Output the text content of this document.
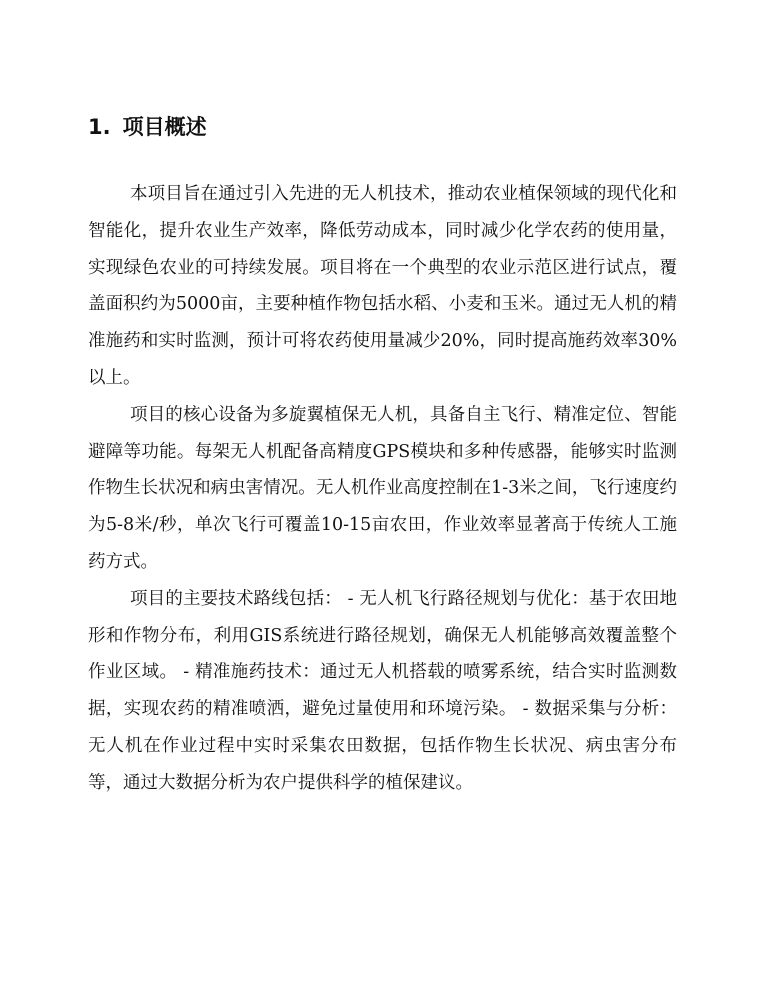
1. 项目概述

本项目旨在通过引入先进的无人机技术，推动农业植保领域的现代化和智能化，提升农业生产效率，降低劳动成本，同时减少化学农药的使用量，实现绿色农业的可持续发展。项目将在一个典型的农业示范区进行试点，覆盖面积约为5000亩，主要种植作物包括水稻、小麦和玉米。通过无人机的精准施药和实时监测，预计可将农药使用量减少20%，同时提高施药效率30%以上。

项目的核心设备为多旋翼植保无人机，具备自主飞行、精准定位、智能避障等功能。每架无人机配备高精度GPS模块和多种传感器，能够实时监测作物生长状况和病虫害情况。无人机作业高度控制在1-3米之间，飞行速度约为5-8米/秒，单次飞行可覆盖10-15亩农田，作业效率显著高于传统人工施药方式。

项目的主要技术路线包括： - 无人机飞行路径规划与优化：基于农田地形和作物分布，利用GIS系统进行路径规划，确保无人机能够高效覆盖整个作业区域。 - 精准施药技术：通过无人机搭载的喷雾系统，结合实时监测数据，实现农药的精准喷洒，避免过量使用和环境污染。 - 数据采集与分析：无人机在作业过程中实时采集农田数据，包括作物生长状况、病虫害分布等，通过大数据分析为农户提供科学的植保建议。
